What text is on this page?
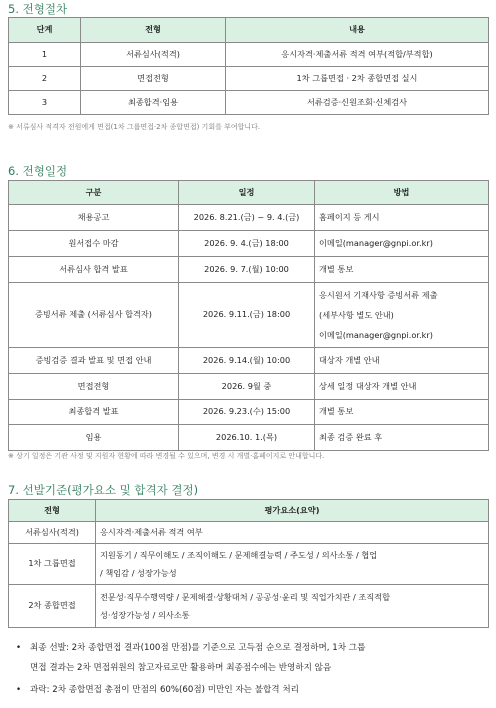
5. 전형절차
단계	전형	내용
1	서류심사(적격)	응시자격·제출서류 적격 여부(적합/부적합)
2	면접전형	1차 그룹면접 · 2차 종합면접 실시
3	최종합격·임용	서류검증·신원조회·신체검사
※ 서류심사 적격자 전원에게 면접(1차 그룹면접·2차 종합면접) 기회를 부여합니다.
6. 전형일정
구분	일정	방법
채용공고	2026. 8.21.(금) ~ 9. 4.(금)	홈페이지 등 게시
원서접수 마감	2026. 9. 4.(금) 18:00	이메일(manager@gnpi.or.kr)
서류심사 합격 발표	2026. 9. 7.(월) 10:00	개별 통보
증빙서류 제출 (서류심사 합격자)	2026. 9.11.(금) 18:00	응시원서 기재사항 증빙서류 제출
(세부사항 별도 안내)
이메일(manager@gnpi.or.kr)

증빙검증 결과 발표 및 면접 안내	2026. 9.14.(월) 10:00	대상자 개별 안내
면접전형	2026. 9월 중	상세 일정 대상자 개별 안내
최종합격 발표	2026. 9.23.(수) 15:00	개별 통보
임용	2026.10. 1.(목)	최종 검증 완료 후
※ 상기 일정은 기관 사정 및 지원자 현황에 따라 변경될 수 있으며, 변경 시 개별·홈페이지로 안내합니다.
7. 선발기준(평가요소 및 합격자 결정)
전형	평가요소(요약)
서류심사(적격)	응시자격·제출서류 적격 여부
1차 그룹면접	지원동기 / 직무이해도 / 조직이해도 / 문제해결능력 / 주도성 / 의사소통 / 협업
/ 책임감 / 성장가능성

2차 종합면접	전문성·직무수행역량 / 문제해결·상황대처 / 공공성·윤리 및 직업가치관 / 조직적합
성·성장가능성 / 의사소통
• 최종 선발: 2차 종합면접 결과(100점 만점)를 기준으로 고득점 순으로 결정하며, 1차 그룹
면접 결과는 2차 면접위원의 참고자료로만 활용하며 최종점수에는 반영하지 않음
• 과락: 2차 종합면접 총점이 만점의 60%(60점) 미만인 자는 불합격 처리
